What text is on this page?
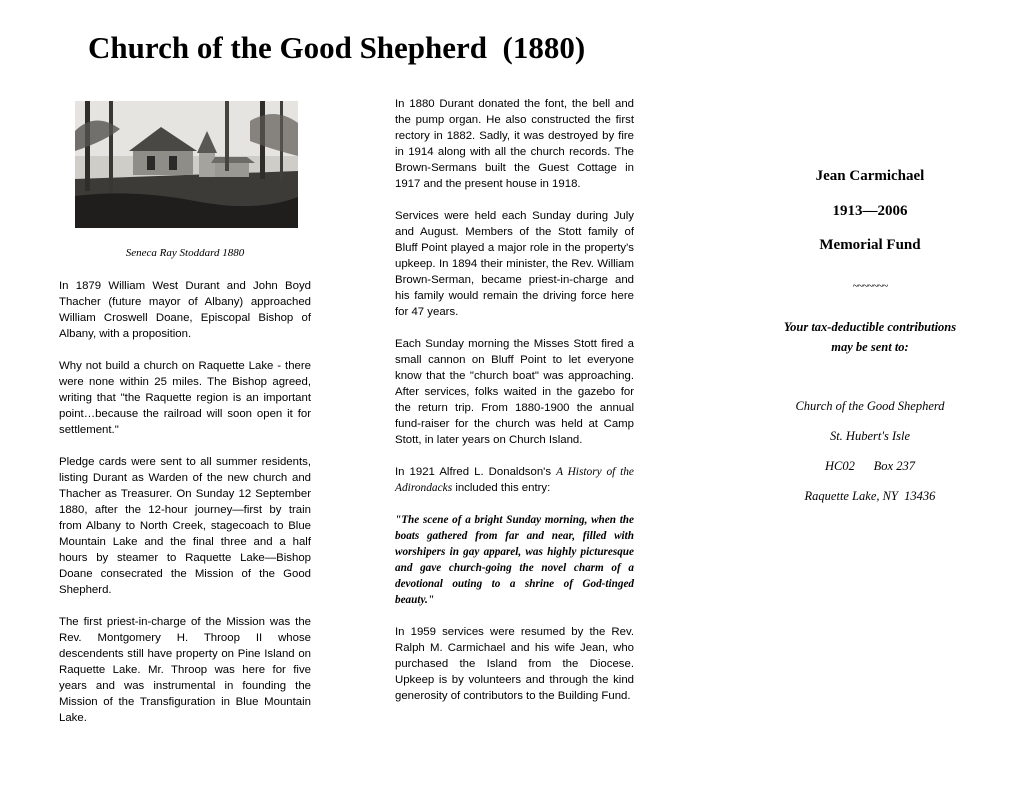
Church of the Good Shepherd  (1880)
Seneca Ray Stoddard 1880

In 1879 William West Durant and John Boyd Thacher (future mayor of Albany) approached William Croswell Doane, Episcopal Bishop of Albany, with a proposition.

Why not build a church on Raquette Lake - there were none within 25 miles. The Bishop agreed, writing that "the Raquette region is an important point…because the railroad will soon open it for settlement."

Pledge cards were sent to all summer residents, listing Durant as Warden of the new church and Thacher as Treasurer. On Sunday 12 September 1880, after the 12-hour journey—first by train from Albany to North Creek, stagecoach to Blue Mountain Lake and the final three and a half hours by steamer to Raquette Lake—Bishop Doane consecrated the Mission of the Good Shepherd.

The first priest-in-charge of the Mission was the Rev. Montgomery H. Throop II whose descendents still have property on Pine Island on Raquette Lake. Mr. Throop was here for five years and was instrumental in founding the Mission of the Transfiguration in Blue Mountain Lake.

In 1880 Durant donated the font, the bell and the pump organ. He also constructed the first rectory in 1882. Sadly, it was destroyed by fire in 1914 along with all the church records. The Brown-Sermans built the Guest Cottage in 1917 and the present house in 1918.

Services were held each Sunday during July and August. Members of the Stott family of Bluff Point played a major role in the property's upkeep. In 1894 their minister, the Rev. William Brown-Serman, became priest-in-charge and his family would remain the driving force here for 47 years.

Each Sunday morning the Misses Stott fired a small cannon on Bluff Point to let everyone know that the "church boat" was approaching. After services, folks waited in the gazebo for the return trip. From 1880-1900 the annual fund-raiser for the church was held at Camp Stott, in later years on Church Island.

In 1921 Alfred L. Donaldson's A History of the Adirondacks included this entry:

"The scene of a bright Sunday morning, when the boats gathered from far and near, filled with worshipers in gay apparel, was highly picturesque and gave church-going the novel charm of a devotional outing to a shrine of God-tinged beauty."

In 1959 services were resumed by the Rev. Ralph M. Carmichael and his wife Jean, who purchased the Island from the Diocese. Upkeep is by volunteers and through the kind generosity of contributors to the Building Fund.

Jean Carmichael
1913—2006
Memorial Fund
~~~~~~~
Your tax-deductible contributions
may be sent to:
Church of the Good Shepherd
St. Hubert's Isle
HC02      Box 237
Raquette Lake, NY  13436
